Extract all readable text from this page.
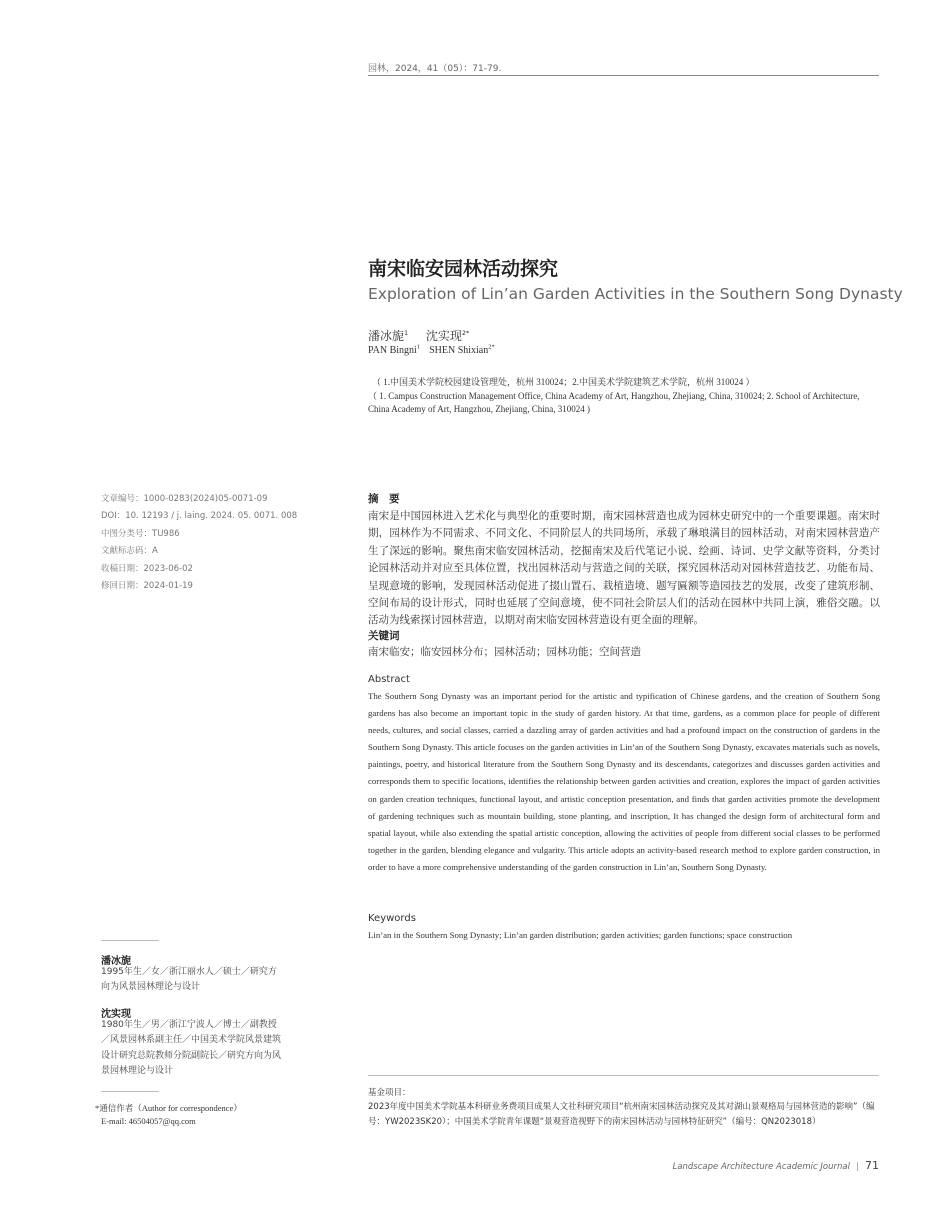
园林，2024，41（05）：71-79.
南宋临安园林活动探究
Exploration of Lin’an Garden Activities in the Southern Song Dynasty
潘冰旎$^1$ 沈实现$^{2*}$
PAN Bingni$^1$ SHEN Shixian$^{2*}$
（ 1.中国美术学院校园建设管理处，杭州 310024；2.中国美术学院建筑艺术学院，杭州 310024 ）
（ 1. Campus Construction Management Office, China Academy of Art, Hangzhou, Zhejiang, China, 310024; 2. School of Architecture, China Academy of Art, Hangzhou, Zhejiang, China, 310024 )
文章编号：1000-0283(2024)05-0071-09
DOI：10. 12193 / j. laing. 2024. 05. 0071. 008
中图分类号：TU986
文献标志码：A
收稿日期：2023-06-02
修回日期：2024-01-19
摘　要
南宋是中国园林进入艺术化与典型化的重要时期，南宋园林营造也成为园林史研究中的一个重要课题。南宋时期，园林作为不同需求、不同文化、不同阶层人的共同场所，承载了琳琅满目的园林活动，对南宋园林营造产生了深远的影响。聚焦南宋临安园林活动，挖掘南宋及后代笔记小说、绘画、诗词、史学文献等资料，分类讨论园林活动并对应至具体位置，找出园林活动与营造之间的关联，探究园林活动对园林营造技艺、功能布局、呈现意境的影响，发现园林活动促进了掇山置石、栽植造境、题写匾额等造园技艺的发展，改变了建筑形制、空间布局的设计形式，同时也延展了空间意境，使不同社会阶层人们的活动在园林中共同上演，雅俗交融。以活动为线索探讨园林营造，以期对南宋临安园林营造设有更全面的理解。
关键词
南宋临安；临安园林分布；园林活动；园林功能；空间营造
Abstract
The Southern Song Dynasty was an important period for the artistic and typification of Chinese gardens, and the creation of Southern Song gardens has also become an important topic in the study of garden history. At that time, gardens, as a common place for people of different needs, cultures, and social classes, carried a dazzling array of garden activities and had a profound impact on the construction of gardens in the Southern Song Dynasty. This article focuses on the garden activities in Lin’an of the Southern Song Dynasty, excavates materials such as novels, paintings, poetry, and historical literature from the Southern Song Dynasty and its descendants, categorizes and discusses garden activities and corresponds them to specific locations, identifies the relationship between garden activities and creation, explores the impact of garden activities on garden creation techniques, functional layout, and artistic conception presentation, and finds that garden activities promote the development of gardening techniques such as mountain building, stone planting, and inscription, It has changed the design form of architectural form and spatial layout, while also extending the spatial artistic conception, allowing the activities of people from different social classes to be performed together in the garden, blending elegance and vulgarity. This article adopts an activity-based research method to explore garden construction, in order to have a more comprehensive understanding of the garden construction in Lin’an, Southern Song Dynasty.
Keywords
Lin’an in the Southern Song Dynasty; Lin’an garden distribution; garden activities; garden functions; space construction
潘冰旎
1995年生／女／浙江丽水人／硕士／研究方向为风景园林理论与设计
沈实现
1980年生／男／浙江宁波人／博士／副教授／风景园林系副主任／中国美术学院风景建筑设计研究总院教师分院副院长／研究方向为风景园林理论与设计
*通信作者（Author for correspondence）
E-mail: 46504057@qq.com
基金项目：
2023年度中国美术学院基本科研业务费项目成果人文社科研究项目“杭州南宋园林活动探究及其对湖山景观格局与园林营造的影响”（编号：YW2023SK20）；中国美术学院青年课题“景观营造视野下的南宋园林活动与园林特征研究”（编号：QN2023018）
Landscape Architecture Academic Journal | 71
